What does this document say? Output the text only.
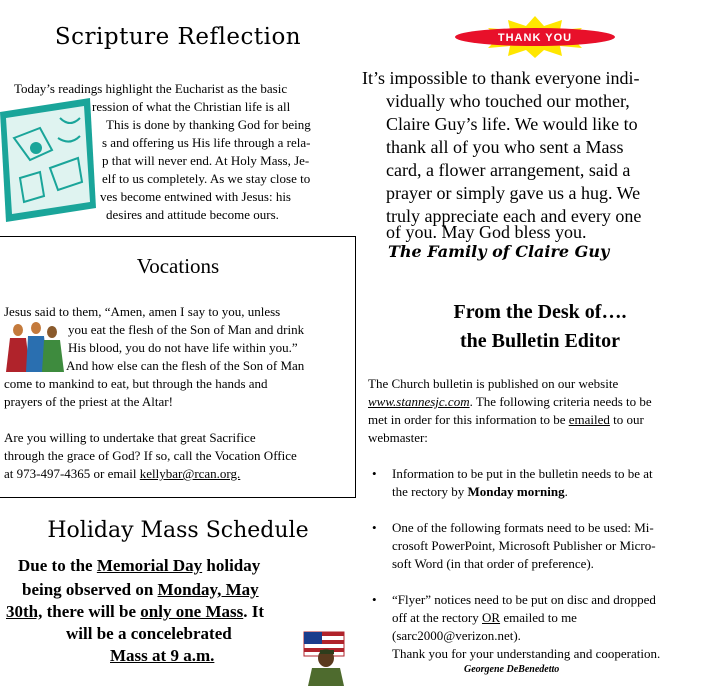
Scripture Reflection
Today’s readings highlight the Eucharist as the basic
ression of what the Christian life is all
This is done by thanking God for being
s and offering us His life through a rela-
p that will never end. At Holy Mass, Je-
elf to us completely. As we stay close to
ves become entwined with Jesus: his
desires and attitude become ours.
Vocations
Jesus said to them, “Amen, amen I say to you, unless
you eat the flesh of the Son of Man and drink
His blood, you do not have life within you.”
And how else can the flesh of the Son of Man
come to mankind to eat, but through the hands and
prayers of the priest at the Altar!
Are you willing to undertake that great Sacrifice
through the grace of God? If so, call the Vocation Office
at 973-497-4365 or email kellybar@rcan.org.
Holiday Mass Schedule
Due to the Memorial Day holiday
being observed on Monday, May
30th, there will be only one Mass. It
will be a concelebrated
Mass at 9 a.m.
THANK YOU
It’s impossible to thank everyone indi-
vidually who touched our mother,
Claire Guy’s life. We would like to
thank all of you who sent a Mass
card, a flower arrangement, said a
prayer or simply gave us a hug. We
truly appreciate each and every one
of you. May God bless you.
The Family of Claire Guy
From the Desk of….
the Bulletin Editor
The Church bulletin is published on our website
www.stannesjc.com. The following criteria needs to be
met in order for this information to be emailed to our
webmaster:
• Information to be put in the bulletin needs to be at
the rectory by Monday morning.
• One of the following formats need to be used: Mi-
crosoft PowerPoint, Microsoft Publisher or Micro-
soft Word (in that order of preference).
• “Flyer” notices need to be put on disc and dropped
off at the rectory OR emailed to me
(sarc2000@verizon.net).
Thank you for your understanding and cooperation.
Georgene DeBenedetto
